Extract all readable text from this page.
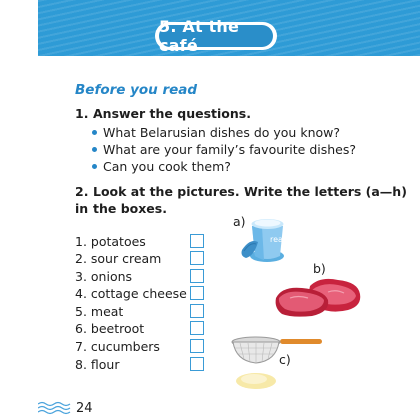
5. At the café
Before you read
1. Answer the questions.
What Belarusian dishes do you know?
What are your family’s favourite dishes?
Can you cook them?
2. Look at the pictures. Write the letters (a—h) in the boxes.
1. potatoes
2. sour cream
3. onions
4. cottage cheese
5. meat
6. beetroot
7. cucumbers
8. flour
a)
ream
b)
c)
24
